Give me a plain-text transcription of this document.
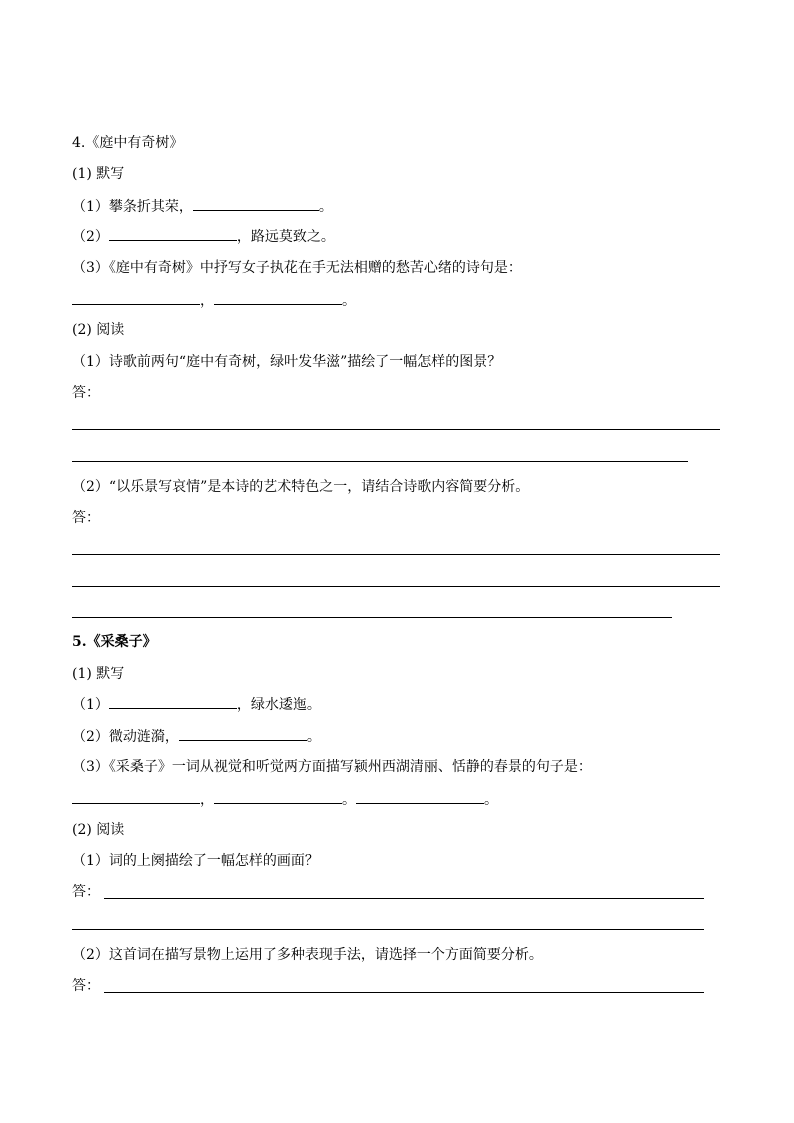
4.《庭中有奇树》
(1) 默写
（1）攀条折其荣，	。
（2）	，路远莫致之。
（3）《庭中有奇树》中抒写女子执花在手无法相赠的愁苦心绪的诗句是：
，	。
(2) 阅读
（1）诗歌前两句“庭中有奇树，绿叶发华滋”描绘了一幅怎样的图景？
答：
（2）“以乐景写哀情”是本诗的艺术特色之一，请结合诗歌内容简要分析。
答：
5.《采桑子》
(1) 默写
（1）	，绿水逶迤。
（2）微动涟漪，	。
（3）《采桑子》一词从视觉和听觉两方面描写颍州西湖清丽、恬静的春景的句子是：
，	。	。
(2) 阅读
（1）词的上阕描绘了一幅怎样的画面？
答：
（2）这首词在描写景物上运用了多种表现手法，请选择一个方面简要分析。
答：
